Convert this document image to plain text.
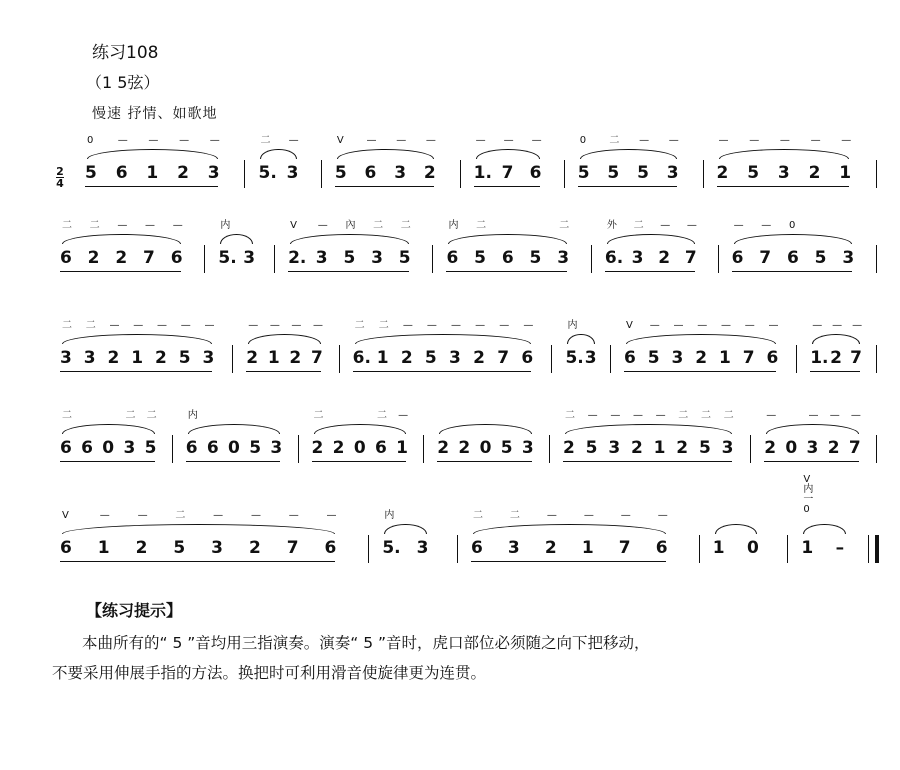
练习108
（1 5弦）
慢速 抒情、如歌地
2
4
5
0
6
—
1
—
2
—
3
—
5.
二
3
—
5
V
6
—
3
—
2
—
1.
—
7
—
6
—
5
0
5
二
5
—
3
—
2
—
5
—
3
—
2
—
1
—
6
二
2
二
2
—
7
—
6
—
5.
内
3 2.
V
3
—
5
內
3
二
5
二
6
内
5
二
6 5 3
二
6.
外
3
二
2
—
7
—
6
—
7
—
6
0
5 3
3
二
3
二
2
—
1
—
2
—
5
—
3
—
2
—
1
—
2
—
7
—
6.
二
1
二
2
—
5
—
3
—
2
—
7
—
6
—
5.
内
3 6
V
5
—
3
—
2
—
1
—
7
—
6
—
1.
—
2
—
7
—
6
二
6 0 3
二
5
二
6
内
6 0 5 3 2
二
2 0 6
二
1
—
2 2 0 5 3 2
二
5
—
3
—
2
—
1
—
2
二
5
二
3
二
2
—
0 3
—
2
—
7
—
6
V
1
—
2
—
5
二
3
—
2
—
7
—
6
—
5.
内
3 6
二
3
二
2
—
1
—
7
—
6
—
1 0 1
V 内 一 0
–
【练习提示】
本曲所有的“ 5 ”音均用三指演奏。演奏“ 5 ”音时，虎口部位必须随之向下把移动，
不要采用伸展手指的方法。换把时可利用滑音使旋律更为连贯。
